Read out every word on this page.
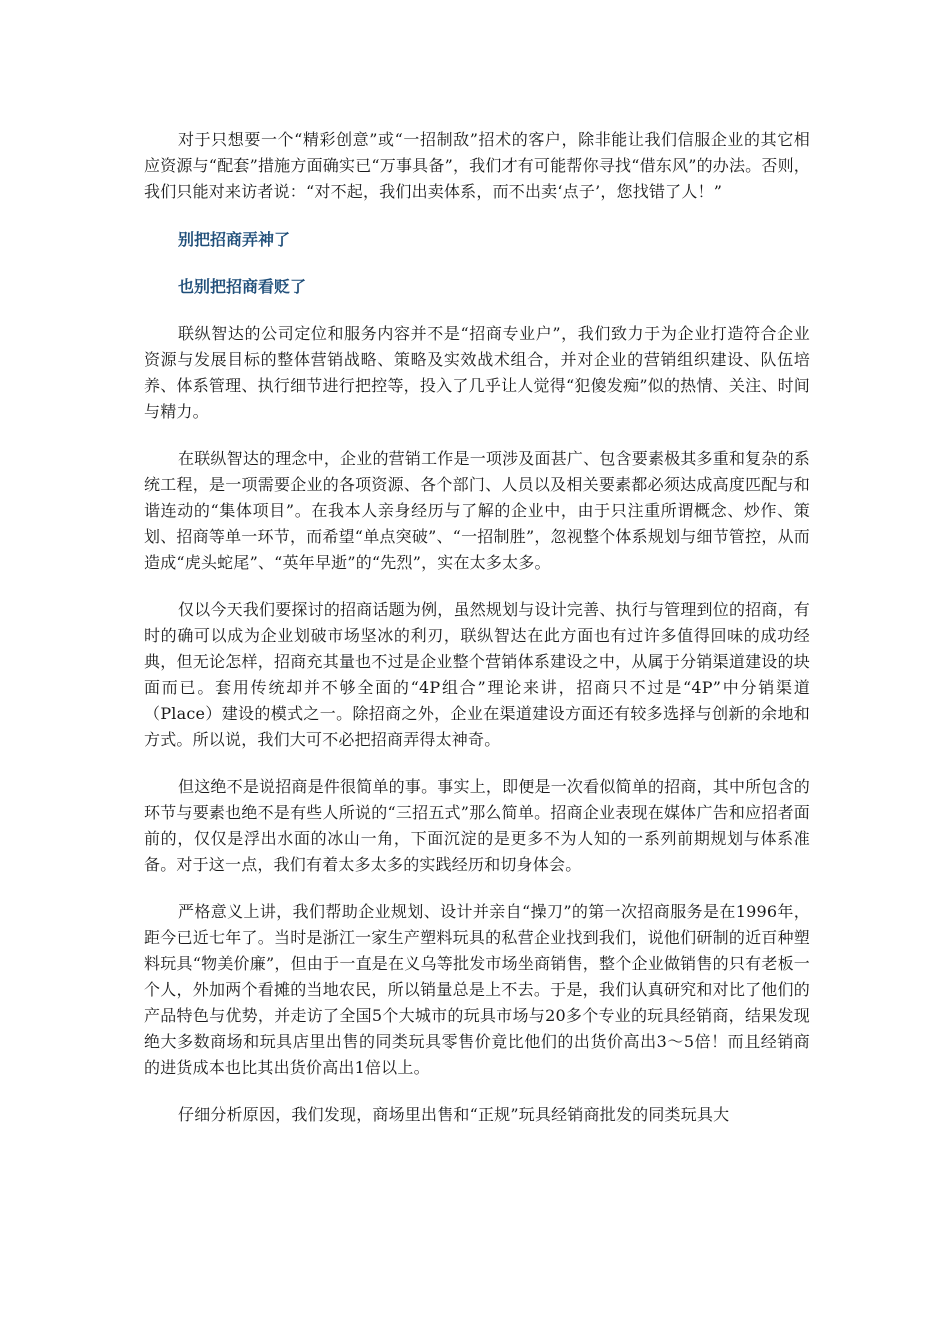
对于只想要一个“精彩创意”或“一招制敌”招术的客户，除非能让我们信服企业的其它相应资源与“配套”措施方面确实已“万事具备”，我们才有可能帮你寻找“借东风”的办法。否则，我们只能对来访者说：“对不起，我们出卖体系，而不出卖‘点子’，您找错了人！”

别把招商弄神了

也别把招商看贬了

联纵智达的公司定位和服务内容并不是“招商专业户”，我们致力于为企业打造符合企业资源与发展目标的整体营销战略、策略及实效战术组合，并对企业的营销组织建设、队伍培养、体系管理、执行细节进行把控等，投入了几乎让人觉得“犯傻发痴”似的热情、关注、时间与精力。

在联纵智达的理念中，企业的营销工作是一项涉及面甚广、包含要素极其多重和复杂的系统工程，是一项需要企业的各项资源、各个部门、人员以及相关要素都必须达成高度匹配与和谐连动的“集体项目”。在我本人亲身经历与了解的企业中，由于只注重所谓概念、炒作、策划、招商等单一环节，而希望“单点突破”、“一招制胜”，忽视整个体系规划与细节管控，从而造成“虎头蛇尾”、“英年早逝”的“先烈”，实在太多太多。

仅以今天我们要探讨的招商话题为例，虽然规划与设计完善、执行与管理到位的招商，有时的确可以成为企业划破市场坚冰的利刃，联纵智达在此方面也有过许多值得回味的成功经典，但无论怎样，招商充其量也不过是企业整个营销体系建设之中，从属于分销渠道建设的块面而已。套用传统却并不够全面的“4P组合”理论来讲，招商只不过是“4P”中分销渠道（Place）建设的模式之一。除招商之外，企业在渠道建设方面还有较多选择与创新的余地和方式。所以说，我们大可不必把招商弄得太神奇。

但这绝不是说招商是件很简单的事。事实上，即便是一次看似简单的招商，其中所包含的环节与要素也绝不是有些人所说的“三招五式”那么简单。招商企业表现在媒体广告和应招者面前的，仅仅是浮出水面的冰山一角，下面沉淀的是更多不为人知的一系列前期规划与体系准备。对于这一点，我们有着太多太多的实践经历和切身体会。

严格意义上讲，我们帮助企业规划、设计并亲自“操刀”的第一次招商服务是在1996年，距今已近七年了。当时是浙江一家生产塑料玩具的私营企业找到我们，说他们研制的近百种塑料玩具“物美价廉”，但由于一直是在义乌等批发市场坐商销售，整个企业做销售的只有老板一个人，外加两个看摊的当地农民，所以销量总是上不去。于是，我们认真研究和对比了他们的产品特色与优势，并走访了全国5个大城市的玩具市场与20多个专业的玩具经销商，结果发现绝大多数商场和玩具店里出售的同类玩具零售价竟比他们的出货价高出3～5倍！而且经销商的进货成本也比其出货价高出1倍以上。

仔细分析原因，我们发现，商场里出售和“正规”玩具经销商批发的同类玩具大
